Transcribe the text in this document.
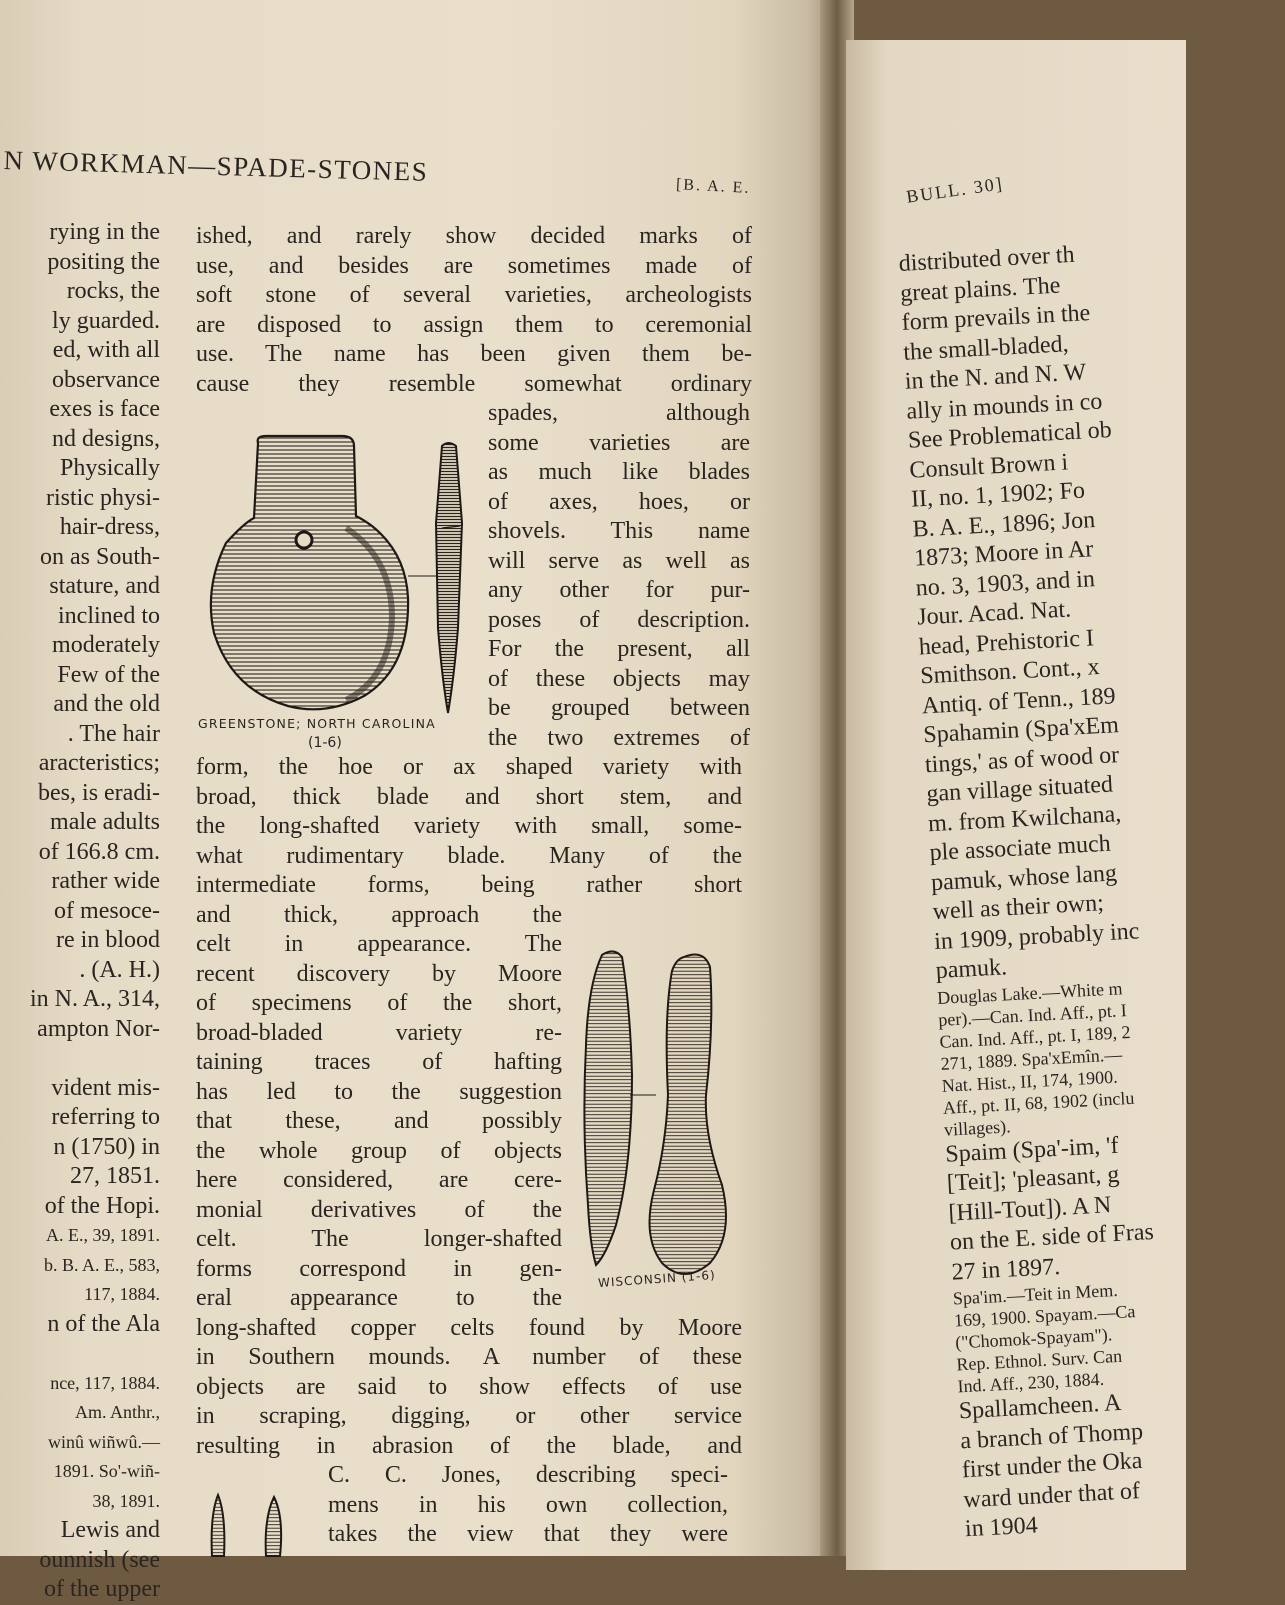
N WORKMAN—SPADE-STONES	[B. A. E.
rying in the
positing the
rocks, the
ly guarded.
ed, with all
observance
exes is face
nd designs,
Physically
ristic physi-
hair-dress,
on as South-
stature, and
inclined to
moderately
Few of the
and the old
. The hair
aracteristics;
bes, is eradi-
male adults
of 166.8 cm.
rather wide
of mesoce-
re in blood
. (A. H.)
in N. A., 314,
ampton Nor-
vident mis-
referring to
n (1750) in
27, 1851.
of the Hopi.
A. E., 39, 1891.
b. B. A. E., 583,
117, 1884.
n of the Ala
nce, 117, 1884.
Am. Anthr.,
winû wiñwû.—
1891. So'-wiñ-
38, 1891.
Lewis and
ounnish (see
of the upper
ished, and rarely show decided marks of
use, and besides are sometimes made of
soft stone of several varieties, archeologists
are disposed to assign them to ceremonial
use. The name has been given them be-
cause they resemble somewhat ordinary
spades, although
some varieties are
as much like blades
of axes, hoes, or
shovels. This name
will serve as well as
any other for pur-
poses of description.
For the present, all
of these objects may
be grouped between
the two extremes of
form, the hoe or ax shaped variety with
broad, thick blade and short stem, and
the long-shafted variety with small, some-
what rudimentary blade. Many of the
intermediate forms, being rather short
and thick, approach the
celt in appearance. The
recent discovery by Moore
of specimens of the short,
broad-bladed variety re-
taining traces of hafting
has led to the suggestion
that these, and possibly
the whole group of objects
here considered, are cere-
monial derivatives of the
celt. The longer-shafted
forms correspond in gen-
eral appearance to the
long-shafted copper celts found by Moore
in Southern mounds. A number of these
objects are said to show effects of use
in scraping, digging, or other service
resulting in abrasion of the blade, and
C. C. Jones, describing speci-
mens in his own collection,
takes the view that they were
GREENSTONE; NORTH CAROLINA
(1-6)
WISCONSIN (1-6)
BULL. 30]
distributed over th
great plains. The
form prevails in the
the small-bladed,
in the N. and N. W
ally in mounds in co
See Problematical ob
Consult Brown i
II, no. 1, 1902; Fo
B. A. E., 1896; Jon
1873; Moore in Ar
no. 3, 1903, and in
Jour. Acad. Nat.
head, Prehistoric I
Smithson. Cont., x
Antiq. of Tenn., 189
Spahamin (Spa'xEm
tings,' as of wood or
gan village situated
m. from Kwilchana,
ple associate much
pamuk, whose lang
well as their own;
in 1909, probably inc
pamuk.
Douglas Lake.—White m
per).—Can. Ind. Aff., pt. I
Can. Ind. Aff., pt. I, 189, 2
271, 1889. Spa'xEmîn.—
Nat. Hist., II, 174, 1900.
Aff., pt. II, 68, 1902 (inclu
villages).
Spaim (Spa'-im, 'f
[Teit]; 'pleasant, g
[Hill-Tout]). A N
on the E. side of Fras
27 in 1897.
Spa'im.—Teit in Mem.
169, 1900. Spayam.—Ca
("Chomok-Spayam").
Rep. Ethnol. Surv. Can
Ind. Aff., 230, 1884.
Spallamcheen. A
a branch of Thomp
first under the Oka
ward under that of
in 1904
